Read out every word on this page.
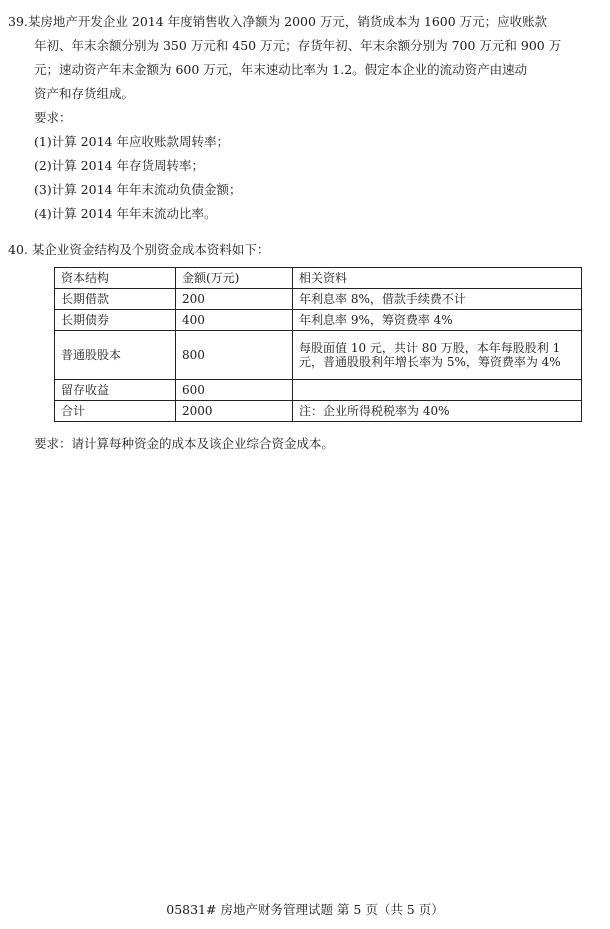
39.某房地产开发企业 2014 年度销售收入净额为 2000 万元，销货成本为 1600 万元；应收账款
年初、年末余额分别为 350 万元和 450 万元；存货年初、年末余额分别为 700 万元和 900 万
元；速动资产年末金额为 600 万元，年末速动比率为 1.2。假定本企业的流动资产由速动
资产和存货组成。
要求：
(1)计算 2014 年应收账款周转率；
(2)计算 2014 年存货周转率；
(3)计算 2014 年年末流动负债金额；
(4)计算 2014 年年末流动比率。
40. 某企业资金结构及个别资金成本资料如下：
资本结构	金额(万元)	相关资料
长期借款	200	年利息率 8%，借款手续费不计
长期债券	400	年利息率 9%，筹资费率 4%
普通股股本	800	每股面值 10 元，共计 80 万股，本年每股股利 1 元，普通股股利年增长率为 5%，筹资费率为 4%
留存收益	600	
合计	2000	注：企业所得税税率为 40%
要求：请计算每种资金的成本及该企业综合资金成本。
05831# 房地产财务管理试题 第 5 页（共 5 页）
